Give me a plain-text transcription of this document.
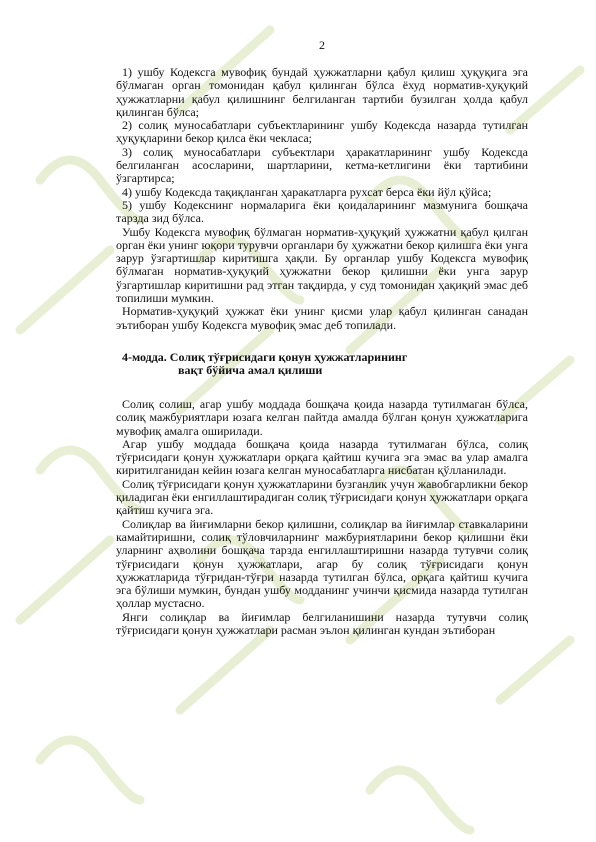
2

1) ушбу Кодексга мувофиқ бундай ҳужжатларни қабул қилиш ҳуқуқига эга бўлмаган орган томонидан қабул қилинган бўлса ёхуд норматив-ҳуқуқий ҳужжатларни қабул қилишнинг белгиланган тартиби бузилган ҳолда қабул қилинган бўлса;

2) солиқ муносабатлари субъектларининг ушбу Кодексда назарда тутилган ҳуқуқларини бекор қилса ёки чекласа;

3) солиқ муносабатлари субъектлари ҳаракатларининг ушбу Кодексда белгиланган асосларини, шартларини, кетма-кетлигини ёки тартибини ўзгартирса;

4) ушбу Кодексда тақиқланган ҳаракатларга рухсат берса ёки йўл қўйса;

5) ушбу Кодекснинг нормаларига ёки қоидаларининг мазмунига бошқача тарзда зид бўлса.

Ушбу Кодексга мувофиқ бўлмаган норматив-ҳуқуқий ҳужжатни қабул қилган орган ёки унинг юқори турувчи органлари бу ҳужжатни бекор қилишга ёки унга зарур ўзгартишлар киритишга ҳақли. Бу органлар ушбу Кодексга мувофиқ бўлмаган норматив-ҳуқуқий ҳужжатни бекор қилишни ёки унга зарур ўзгартишлар киритишни рад этган тақдирда, у суд томонидан ҳақиқий эмас деб топилиши мумкин.

Норматив-ҳуқуқий ҳужжат ёки унинг қисми улар қабул қилинган санадан эътиборан ушбу Кодексга мувофиқ эмас деб топилади.

4-модда. Солиқ тўғрисидаги қонун ҳужжатларининг
вақт бўйича амал қилиши

Солиқ солиш, агар ушбу моддада бошқача қоида назарда тутилмаган бўлса, солиқ мажбуриятлари юзага келган пайтда амалда бўлган қонун ҳужжатларига мувофиқ амалга оширилади.

Агар ушбу моддада бошқача қоида назарда тутилмаган бўлса, солиқ тўғрисидаги қонун ҳужжатлари орқага қайтиш кучига эга эмас ва улар амалга киритилганидан кейин юзага келган муносабатларга нисбатан қўлланилади.

Солиқ тўғрисидаги қонун ҳужжатларини бузганлик учун жавобгарликни бекор қиладиган ёки енгиллаштирадиган солиқ тўғрисидаги қонун ҳужжатлари орқага қайтиш кучига эга.

Солиқлар ва йиғимларни бекор қилишни, солиқлар ва йиғимлар ставкаларини камайтиришни, солиқ тўловчиларнинг мажбуриятларини бекор қилишни ёки уларнинг аҳволини бошқача тарзда енгиллаштиришни назарда тутувчи солиқ тўғрисидаги қонун ҳужжатлари, агар бу солиқ тўғрисидаги қонун ҳужжатларида тўғридан-тўғри назарда тутилган бўлса, орқага қайтиш кучига эга бўлиши мумкин, бундан ушбу модданинг учинчи қисмида назарда тутилган ҳоллар мустасно.

Янги солиқлар ва йиғимлар белгиланишини назарда тутувчи солиқ тўғрисидаги қонун ҳужжатлари расман эълон қилинган кундан эътиборан
